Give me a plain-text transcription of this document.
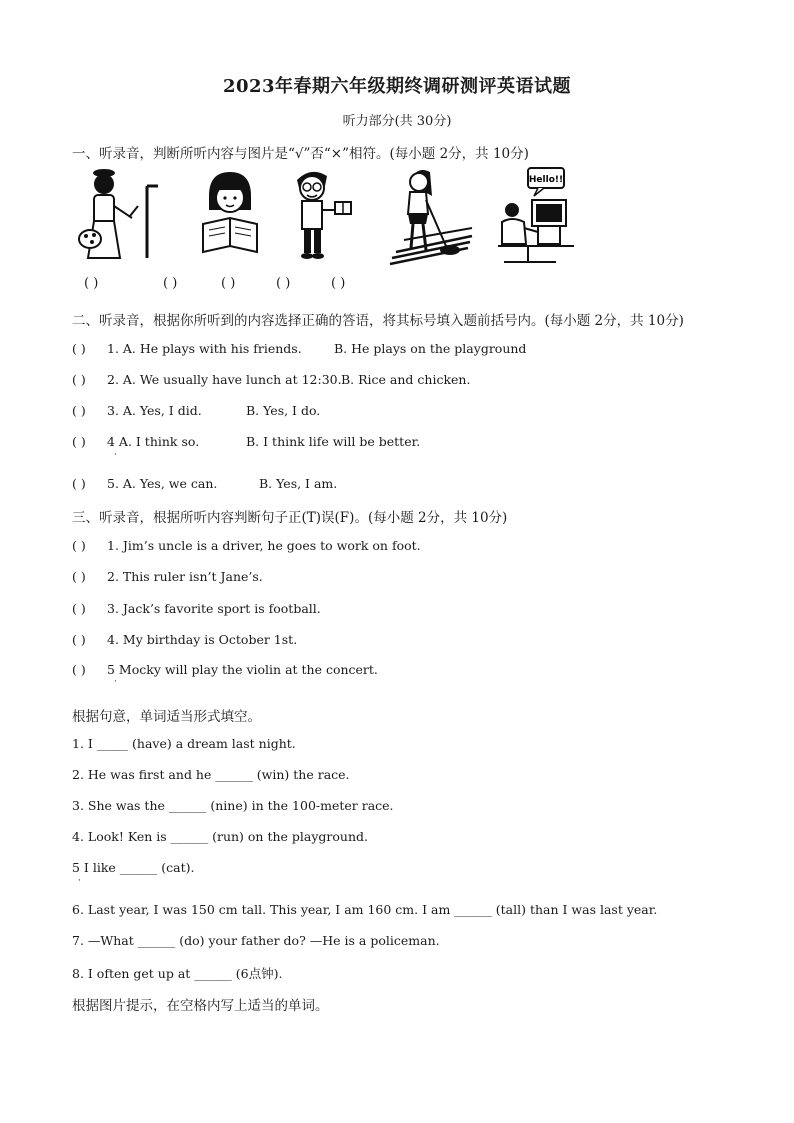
2023年春期六年级期终调研测评英语试题
听力部分(共 30分)
一、听录音，判断所听内容与图片是“√”否“×”相符。(每小题 2分，共 10分)
Hello!!
( )	( )	( )	( )	( )
二、听录音，根据你所听到的内容选择正确的答语，将其标号填入题前括号内。(每小题 2分，共 10分)
( ) 1. A. He plays with his friends.	B. He plays on the playground
( ) 2. A. We usually have lunch at 12:30. B. Rice and chicken.
( ) 3. A. Yes, I did.	B. Yes, I do.
( ) 4 A. I think so.	B. I think life will be better.
·
( ) 5. A. Yes, we can.	B. Yes, I am.
三、听录音，根据所听内容判断句子正(T)误(F)。(每小题 2分，共 10分)
( ) 1. Jim’s uncle is a driver, he goes to work on foot.
( ) 2. This ruler isn’t Jane’s.
( ) 3. Jack’s favorite sport is football.
( ) 4. My birthday is October 1st.
( ) 5 Mocky will play the violin at the concert.
·
根据句意，单词适当形式填空。
1. I _____ (have) a dream last night.
2. He was first and he ______ (win) the race.
3. She was the ______ (nine) in the 100-meter race.
4. Look! Ken is ______ (run) on the playground.
5 I like ______ (cat).
·
6. Last year, I was 150 cm tall. This year, I am 160 cm. I am ______ (tall) than I was last year.
7. —What ______ (do) your father do? —He is a policeman.
8. I often get up at ______ (6点钟).
根据图片提示，在空格内写上适当的单词。
